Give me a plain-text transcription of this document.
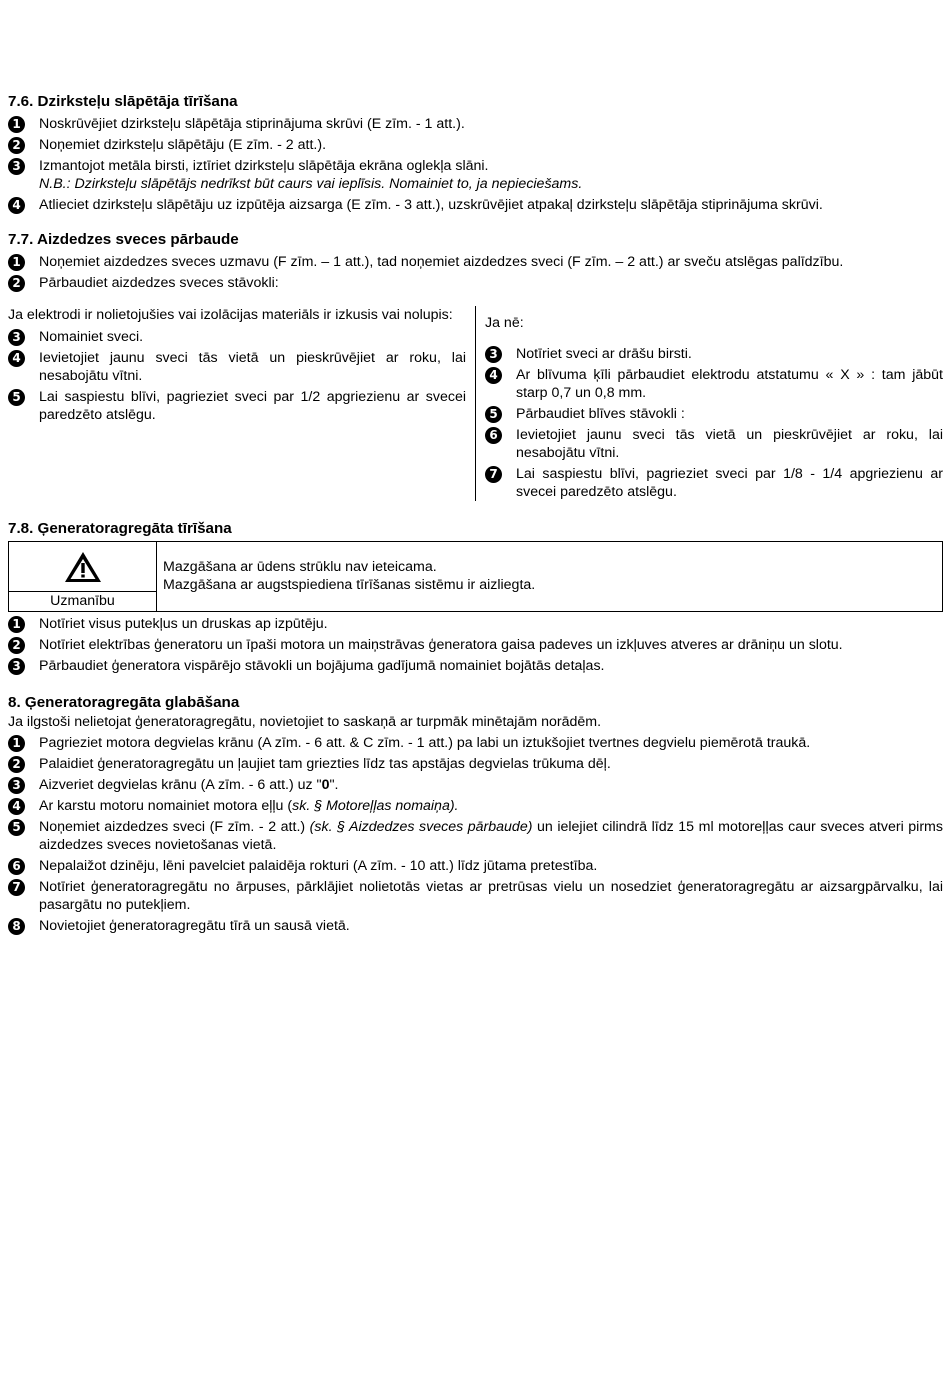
7.6. Dzirksteļu slāpētāja tīrīšana
1	Noskrūvējiet dzirksteļu slāpētāja stiprinājuma skrūvi (E zīm. - 1 att.).
2	Noņemiet dzirksteļu slāpētāju (E zīm. - 2 att.).
3	Izmantojot metāla birsti, iztīriet dzirksteļu slāpētāja ekrāna oglekļa slāni.
N.B.: Dzirksteļu slāpētājs nedrīkst būt caurs vai ieplīsis. Nomainiet to, ja nepieciešams.
4	Atlieciet dzirksteļu slāpētāju uz izpūtēja aizsarga (E zīm. - 3 att.), uzskrūvējiet atpakaļ dzirksteļu slāpētāja stiprinājuma skrūvi.
7.7. Aizdedzes sveces pārbaude
1	Noņemiet aizdedzes sveces uzmavu (F zīm. – 1 att.), tad noņemiet aizdedzes sveci (F zīm. – 2 att.) ar sveču atslēgas palīdzību.
2	Pārbaudiet aizdedzes sveces stāvokli:
Ja elektrodi ir nolietojušies vai izolācijas materiāls ir izkusis vai nolupis:
3	Nomainiet sveci.
4	Ievietojiet jaunu sveci tās vietā un pieskrūvējiet ar roku, lai nesabojātu vītni.
5	Lai saspiestu blīvi, pagrieziet sveci par 1/2 apgriezienu ar svecei paredzēto atslēgu.
Ja nē:
3	Notīriet sveci ar drāšu birsti.
4	Ar blīvuma ķīli pārbaudiet elektrodu atstatumu « X » : tam jābūt starp 0,7 un 0,8 mm.
5	Pārbaudiet blīves stāvokli :
6	Ievietojiet jaunu sveci tās vietā un pieskrūvējiet ar roku, lai nesabojātu vītni.
7	Lai saspiestu blīvi, pagrieziet sveci par 1/8 - 1/4 apgriezienu ar svecei paredzēto atslēgu.
7.8. Ģeneratoragregāta tīrīšana
Uzmanību
Mazgāšana ar ūdens strūklu nav ieteicama.
Mazgāšana ar augstspiediena tīrīšanas sistēmu ir aizliegta.
1	Notīriet visus putekļus un druskas ap izpūtēju.
2	Notīriet elektrības ģeneratoru un īpaši motora un maiņstrāvas ģeneratora gaisa padeves un izkļuves atveres ar drāniņu un slotu.
3	Pārbaudiet ģeneratora vispārējo stāvokli un bojājuma gadījumā nomainiet bojātās detaļas.
8. Ģeneratoragregāta glabāšana
Ja ilgstoši nelietojat ģeneratoragregātu, novietojiet to saskaņā ar turpmāk minētajām norādēm.
1	Pagrieziet motora degvielas krānu (A zīm. - 6 att. & C zīm. - 1 att.) pa labi un iztukšojiet tvertnes degvielu piemērotā traukā.
2	Palaidiet ģeneratoragregātu un ļaujiet tam griezties līdz tas apstājas degvielas trūkuma dēļ.
3	Aizveriet degvielas krānu (A zīm. - 6 att.) uz "0".
4	Ar karstu motoru nomainiet motora eļļu (sk. § Motoreļļas nomaiņa).
5	Noņemiet aizdedzes sveci (F zīm. - 2 att.) (sk. § Aizdedzes sveces pārbaude) un ielejiet cilindrā līdz 15 ml motoreļļas caur sveces atveri pirms aizdedzes sveces novietošanas vietā.
6	Nepalaižot dzinēju, lēni pavelciet palaidēja rokturi (A zīm. - 10 att.) līdz jūtama pretestība.
7	Notīriet ģeneratoragregātu no ārpuses, pārklājiet nolietotās vietas ar pretrūsas vielu un nosedziet ģeneratoragregātu ar aizsargpārvalku, lai pasargātu no putekļiem.
8	Novietojiet ģeneratoragregātu tīrā un sausā vietā.
